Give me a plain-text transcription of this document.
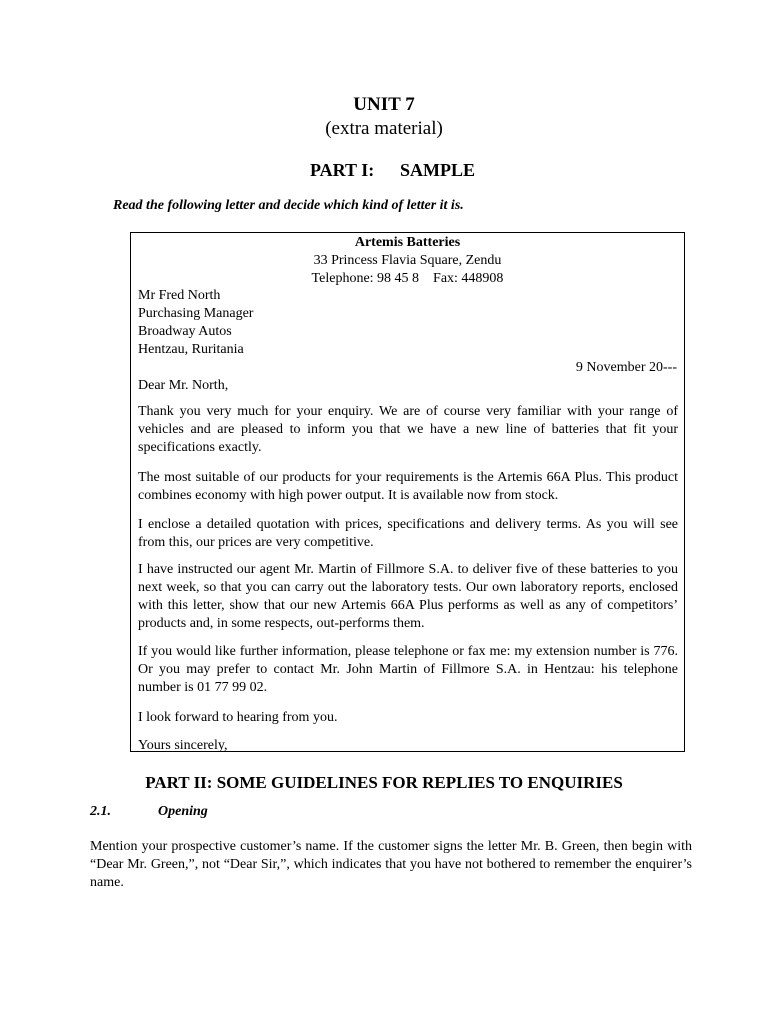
UNIT 7
(extra material)
PART I: SAMPLE
Read the following letter and decide which kind of letter it is.
Artemis Batteries
33 Princess Flavia Square, Zendu
Telephone: 98 45 8 Fax: 448908
Mr Fred North
Purchasing Manager
Broadway Autos
Hentzau, Ruritania
9 November 20---
Dear Mr. North,
Thank you very much for your enquiry. We are of course very familiar with your range of vehicles and are pleased to inform you that we have a new line of batteries that fit your specifications exactly.
The most suitable of our products for your requirements is the Artemis 66A Plus. This product combines economy with high power output. It is available now from stock.
I enclose a detailed quotation with prices, specifications and delivery terms. As you will see from this, our prices are very competitive.
I have instructed our agent Mr. Martin of Fillmore S.A. to deliver five of these batteries to you next week, so that you can carry out the laboratory tests. Our own laboratory reports, enclosed with this letter, show that our new Artemis 66A Plus performs as well as any of competitors’ products and, in some respects, out-performs them.
If you would like further information, please telephone or fax me: my extension number is 776. Or you may prefer to contact Mr. John Martin of Fillmore S.A. in Hentzau: his telephone number is 01 77 99 02.
I look forward to hearing from you.
Yours sincerely,
PART II: SOME GUIDELINES FOR REPLIES TO ENQUIRIES
2.1.	Opening
Mention your prospective customer’s name. If the customer signs the letter Mr. B. Green, then begin with “Dear Mr. Green,”, not “Dear Sir,”, which indicates that you have not bothered to remember the enquirer’s name.
